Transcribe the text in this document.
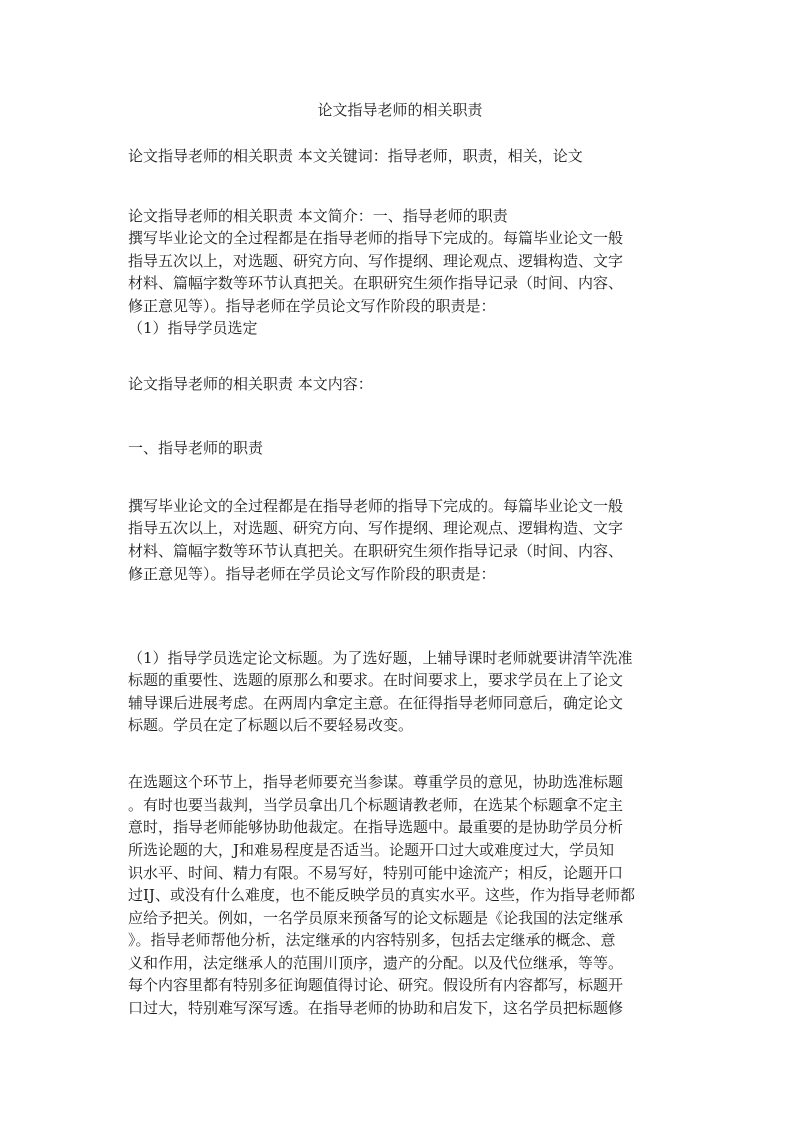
论文指导老师的相关职责
论文指导老师的相关职责 本文关键词：指导老师，职责，相关，论文
论文指导老师的相关职责 本文简介：一、指导老师的职责
撰写毕业论文的全过程都是在指导老师的指导下完成的。每篇毕业论文一般
指导五次以上，对选题、研究方向、写作提纲、理论观点、逻辑构造、文字
材料、篇幅字数等环节认真把关。在职研究生须作指导记录（时间、内容、
修正意见等）。指导老师在学员论文写作阶段的职责是：
（1）指导学员选定
论文指导老师的相关职责 本文内容：
一、指导老师的职责
撰写毕业论文的全过程都是在指导老师的指导下完成的。每篇毕业论文一般
指导五次以上，对选题、研究方向、写作提纲、理论观点、逻辑构造、文字
材料、篇幅字数等环节认真把关。在职研究生须作指导记录（时间、内容、
修正意见等）。指导老师在学员论文写作阶段的职责是：
（1）指导学员选定论文标题。为了选好题，上辅导课时老师就要讲清竿洗准
标题的重要性、选题的原那么和要求。在时间要求上，要求学员在上了论文
辅导课后进展考虑。在两周内拿定主意。在征得指导老师同意后，确定论文
标题。学员在定了标题以后不要轻易改变。
在选题这个环节上，指导老师要充当参谋。尊重学员的意见，协助选准标题
。有时也要当裁判，当学员拿出几个标题请教老师，在选某个标题拿不定主
意时，指导老师能够协助他裁定。在指导选题中。最重要的是协助学员分析
所选论题的大，J和难易程度是否适当。论题开口过大或难度过大，学员知
识水平、时间、精力有限。不易写好，特别可能中途流产；相反，论题开口
过IJ、或没有什么难度，也不能反映学员的真实水平。这些，作为指导老师都
应给予把关。例如，一名学员原来预备写的论文标题是《论我国的法定继承
》。指导老师帮他分析，法定继承的内容特别多，包括去定继承的概念、意
义和作用，法定继承人的范围川顶序，遗产的分配。以及代位继承，等等。
每个内容里都有特别多征询题值得讨论、研究。假设所有内容都写，标题开
口过大，特别难写深写透。在指导老师的协助和启发下，这名学员把标题修
